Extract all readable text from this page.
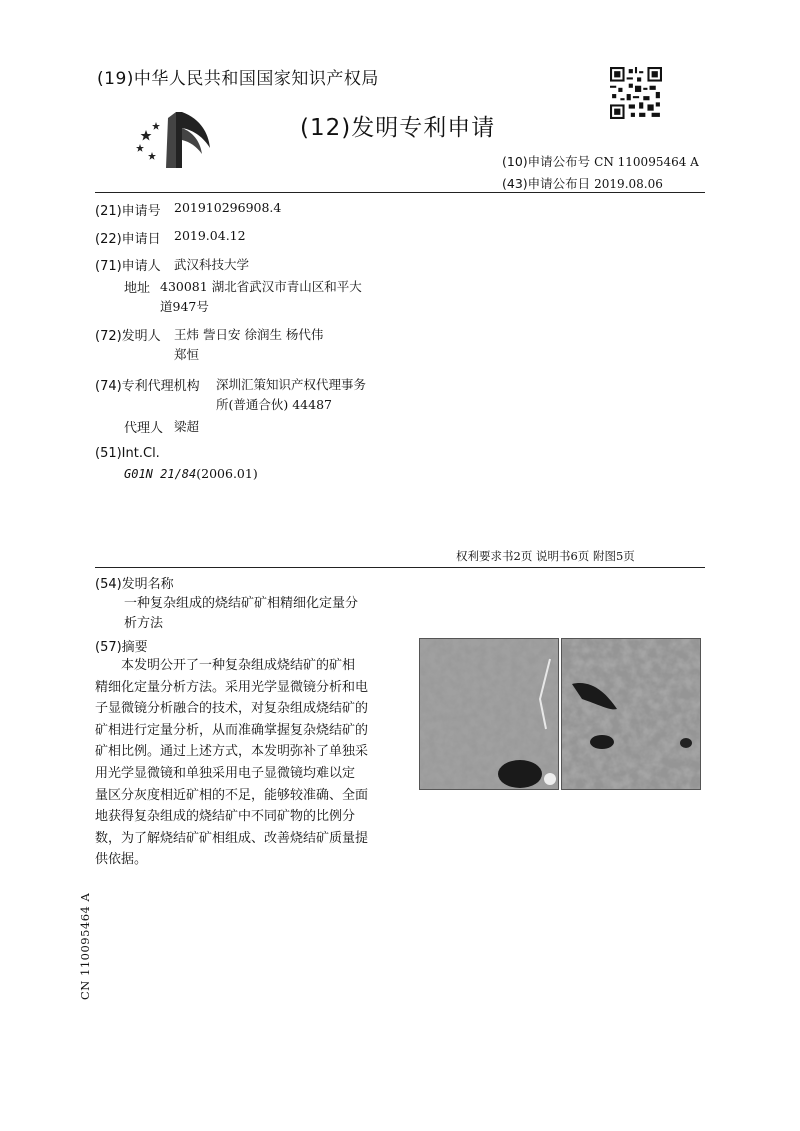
(19)中华人民共和国国家知识产权局
(12)发明专利申请
(10)申请公布号 CN 110095464 A
(43)申请公布日 2019.08.06
(21)申请号 201910296908.4
(22)申请日 2019.04.12
(71)申请人 武汉科技大学
地址 430081 湖北省武汉市青山区和平大
道947号
(72)发明人 王炜 訾日安 徐润生 杨代伟
郑恒
(74)专利代理机构 深圳汇策知识产权代理事务
所(普通合伙) 44487
代理人 梁超
(51)Int.Cl.
G01N 21/84(2006.01)
权利要求书2页 说明书6页 附图5页
(54)发明名称
一种复杂组成的烧结矿矿相精细化定量分
析方法
(57)摘要
本发明公开了一种复杂组成烧结矿的矿相
精细化定量分析方法。采用光学显微镜分析和电
子显微镜分析融合的技术，对复杂组成烧结矿的
矿相进行定量分析，从而准确掌握复杂烧结矿的
矿相比例。通过上述方式，本发明弥补了单独采
用光学显微镜和单独采用电子显微镜均难以定
量区分灰度相近矿相的不足，能够较准确、全面
地获得复杂组成的烧结矿中不同矿物的比例分
数，为了解烧结矿矿相组成、改善烧结矿质量提
供依据。
CN 110095464 A
